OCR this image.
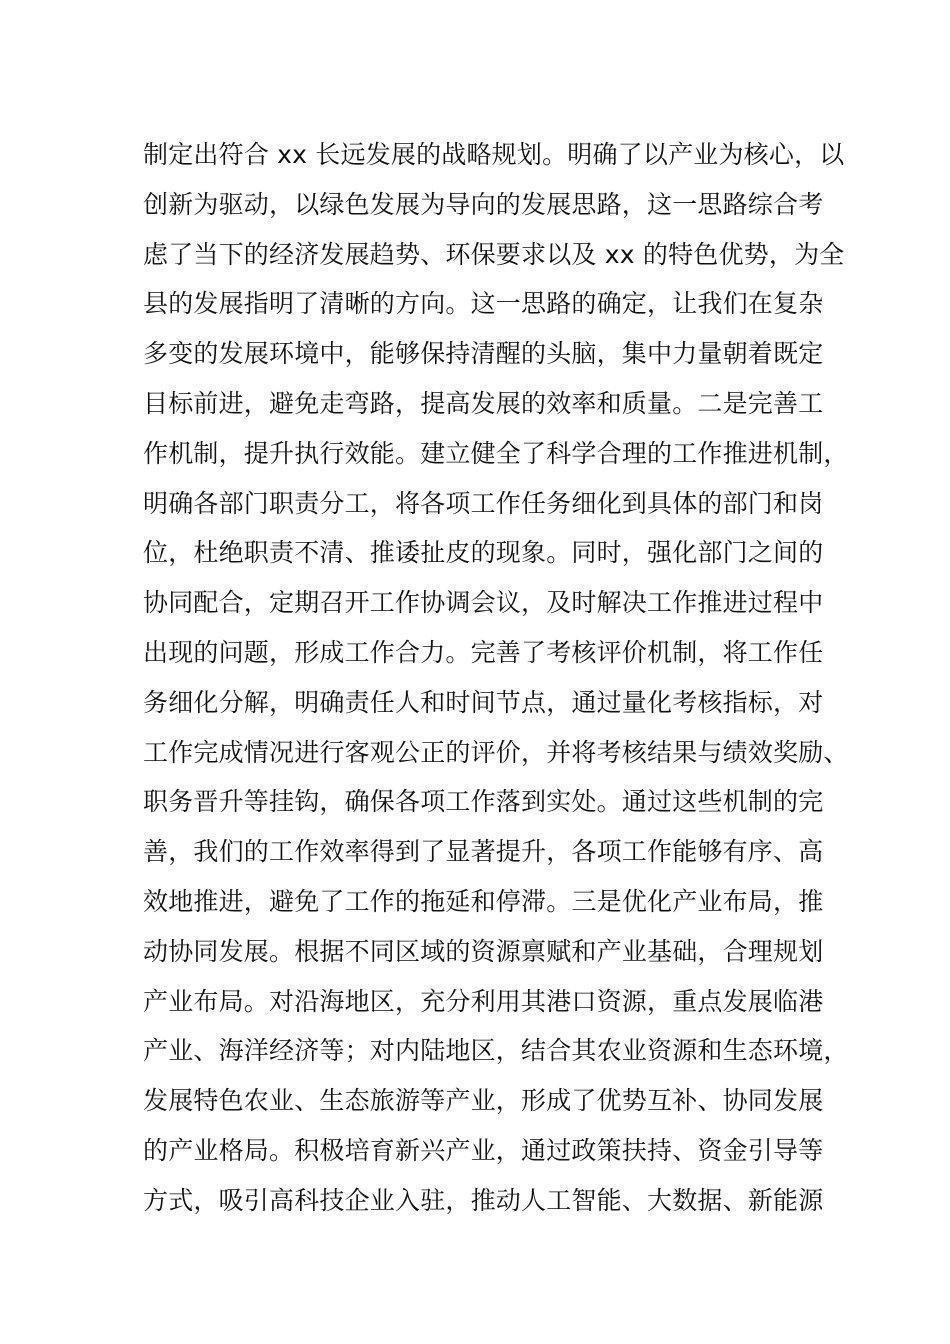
制定出符合 xx 长远发展的战略规划。明确了以产业为核心，以
创新为驱动，以绿色发展为导向的发展思路，这一思路综合考
虑了当下的经济发展趋势、环保要求以及 xx 的特色优势，为全
县的发展指明了清晰的方向。这一思路的确定，让我们在复杂
多变的发展环境中，能够保持清醒的头脑，集中力量朝着既定
目标前进，避免走弯路，提高发展的效率和质量。二是完善工
作机制，提升执行效能。建立健全了科学合理的工作推进机制，
明确各部门职责分工，将各项工作任务细化到具体的部门和岗
位，杜绝职责不清、推诿扯皮的现象。同时，强化部门之间的
协同配合，定期召开工作协调会议，及时解决工作推进过程中
出现的问题，形成工作合力。完善了考核评价机制，将工作任
务细化分解，明确责任人和时间节点，通过量化考核指标，对
工作完成情况进行客观公正的评价，并将考核结果与绩效奖励、
职务晋升等挂钩，确保各项工作落到实处。通过这些机制的完
善，我们的工作效率得到了显著提升，各项工作能够有序、高
效地推进，避免了工作的拖延和停滞。三是优化产业布局，推
动协同发展。根据不同区域的资源禀赋和产业基础，合理规划
产业布局。对沿海地区，充分利用其港口资源，重点发展临港
产业、海洋经济等；对内陆地区，结合其农业资源和生态环境，
发展特色农业、生态旅游等产业，形成了优势互补、协同发展
的产业格局。积极培育新兴产业，通过政策扶持、资金引导等
方式，吸引高科技企业入驻，推动人工智能、大数据、新能源
